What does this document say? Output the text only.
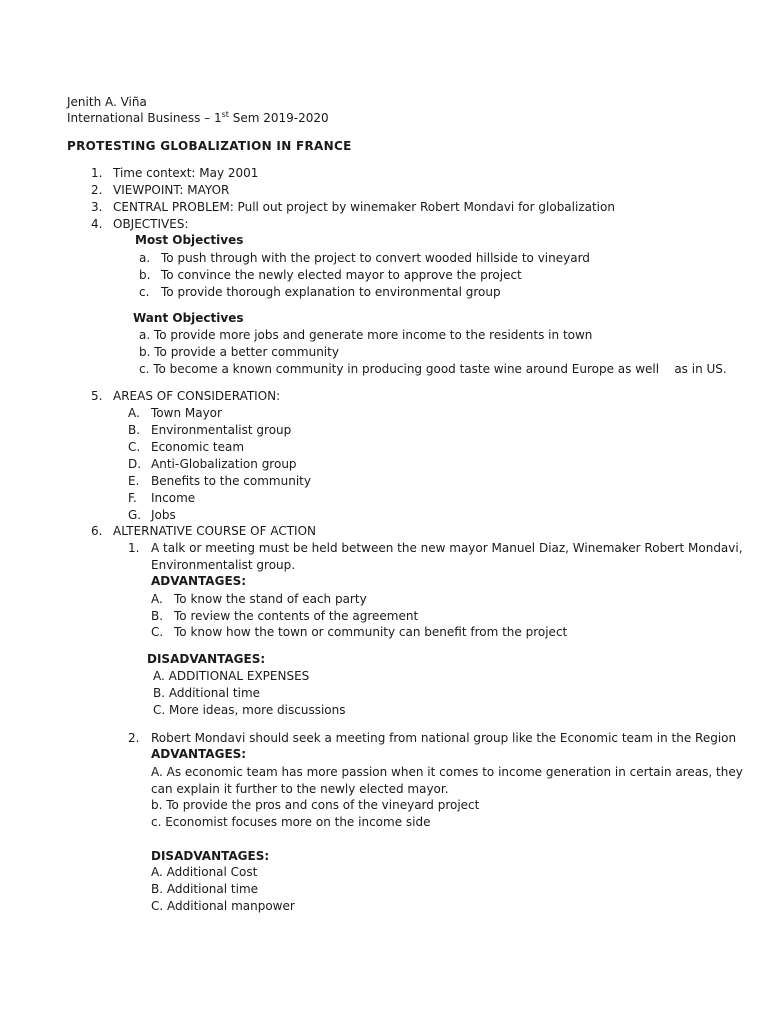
Jenith A. Viña
International Business – 1st Sem 2019-2020
PROTESTING GLOBALIZATION IN FRANCE
1. Time context: May 2001
2. VIEWPOINT: MAYOR
3. CENTRAL PROBLEM: Pull out project by winemaker Robert Mondavi for globalization
4. OBJECTIVES:
Most Objectives
a. To push through with the project to convert wooded hillside to vineyard
b. To convince the newly elected mayor to approve the project
c. To provide thorough explanation to environmental group
Want Objectives
a. To provide more jobs and generate more income to the residents in town
b. To provide a better community
c. To become a known community in producing good taste wine around Europe as well    as in US.
5. AREAS OF CONSIDERATION:
A. Town Mayor
B. Environmentalist group
C. Economic team
D. Anti-Globalization group
E. Benefits to the community
F. Income
G. Jobs
6. ALTERNATIVE COURSE OF ACTION
1. A talk or meeting must be held between the new mayor Manuel Diaz, Winemaker Robert Mondavi,
Environmentalist group.
ADVANTAGES:
A. To know the stand of each party
B. To review the contents of the agreement
C. To know how the town or community can benefit from the project
DISADVANTAGES:
A. ADDITIONAL EXPENSES
B. Additional time
C. More ideas, more discussions
2. Robert Mondavi should seek a meeting from national group like the Economic team in the Region
ADVANTAGES:
A. As economic team has more passion when it comes to income generation in certain areas, they
can explain it further to the newly elected mayor.
b. To provide the pros and cons of the vineyard project
c. Economist focuses more on the income side
DISADVANTAGES:
A. Additional Cost
B. Additional time
C. Additional manpower
